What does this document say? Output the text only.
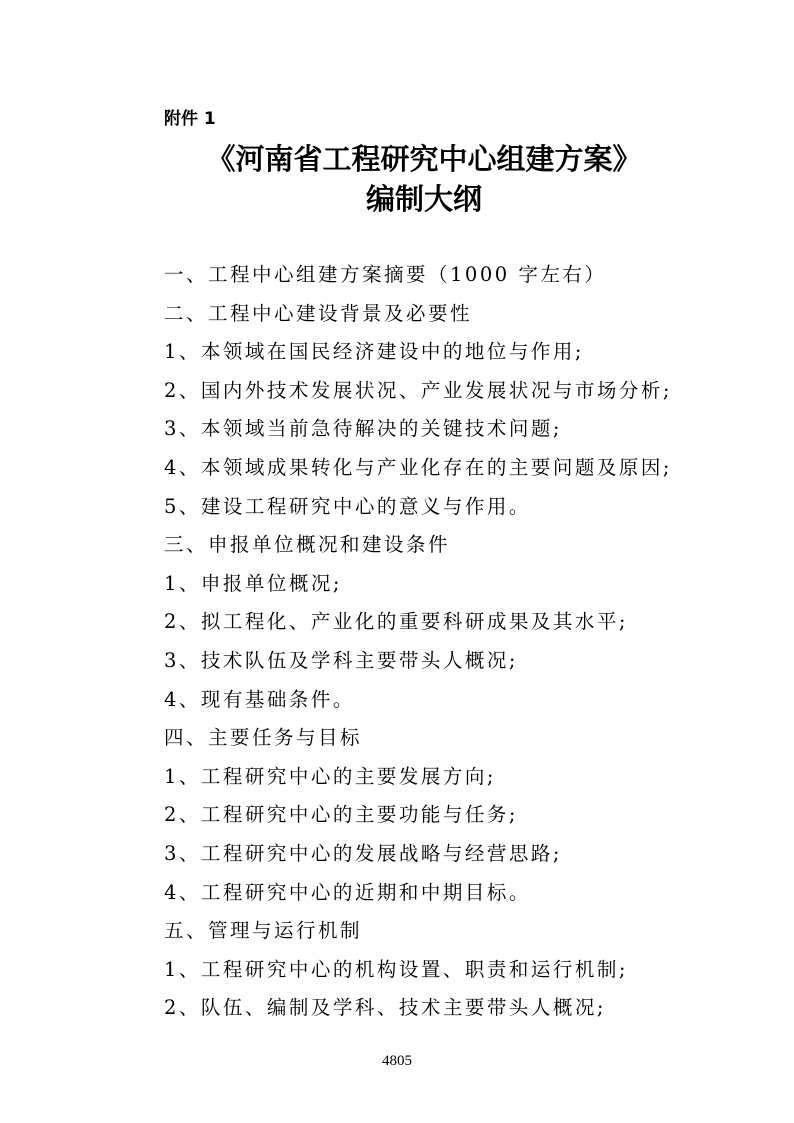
附件 1
《河南省工程研究中心组建方案》
编制大纲
一、工程中心组建方案摘要（1000 字左右）
二、工程中心建设背景及必要性
1、本领域在国民经济建设中的地位与作用;
2、国内外技术发展状况、产业发展状况与市场分析;
3、本领域当前急待解决的关键技术问题;
4、本领域成果转化与产业化存在的主要问题及原因;
5、建设工程研究中心的意义与作用。
三、申报单位概况和建设条件
1、申报单位概况;
2、拟工程化、产业化的重要科研成果及其水平;
3、技术队伍及学科主要带头人概况;
4、现有基础条件。
四、主要任务与目标
1、工程研究中心的主要发展方向;
2、工程研究中心的主要功能与任务;
3、工程研究中心的发展战略与经营思路;
4、工程研究中心的近期和中期目标。
五、管理与运行机制
1、工程研究中心的机构设置、职责和运行机制;
2、队伍、编制及学科、技术主要带头人概况;
4805
